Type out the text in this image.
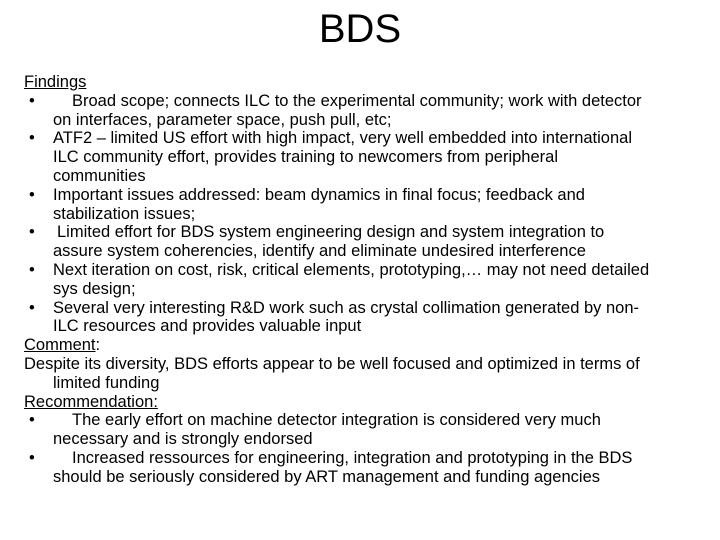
BDS
Findings
•	Broad scope; connects ILC to the experimental community; work with detector
on interfaces, parameter space, push pull, etc;
• ATF2 – limited US effort with high impact, very well embedded into international
ILC community effort, provides training to newcomers from peripheral communities
• Important issues addressed: beam dynamics in final focus; feedback and
stabilization issues;
• Limited effort for BDS system engineering design and system integration to
assure system coherencies, identify and eliminate undesired interference
• Next iteration on cost, risk, critical elements, prototyping,… may not need detailed
sys design;
• Several very interesting R&D work such as crystal collimation generated by non-
ILC resources and provides valuable input
Comment:
Despite its diversity, BDS efforts appear to be well focused and optimized in terms of
limited funding
Recommendation:
•	The early effort on machine detector integration is considered very much
necessary and is strongly endorsed
•	Increased ressources for engineering, integration and prototyping in the BDS
should be seriously considered by ART management and funding agencies
